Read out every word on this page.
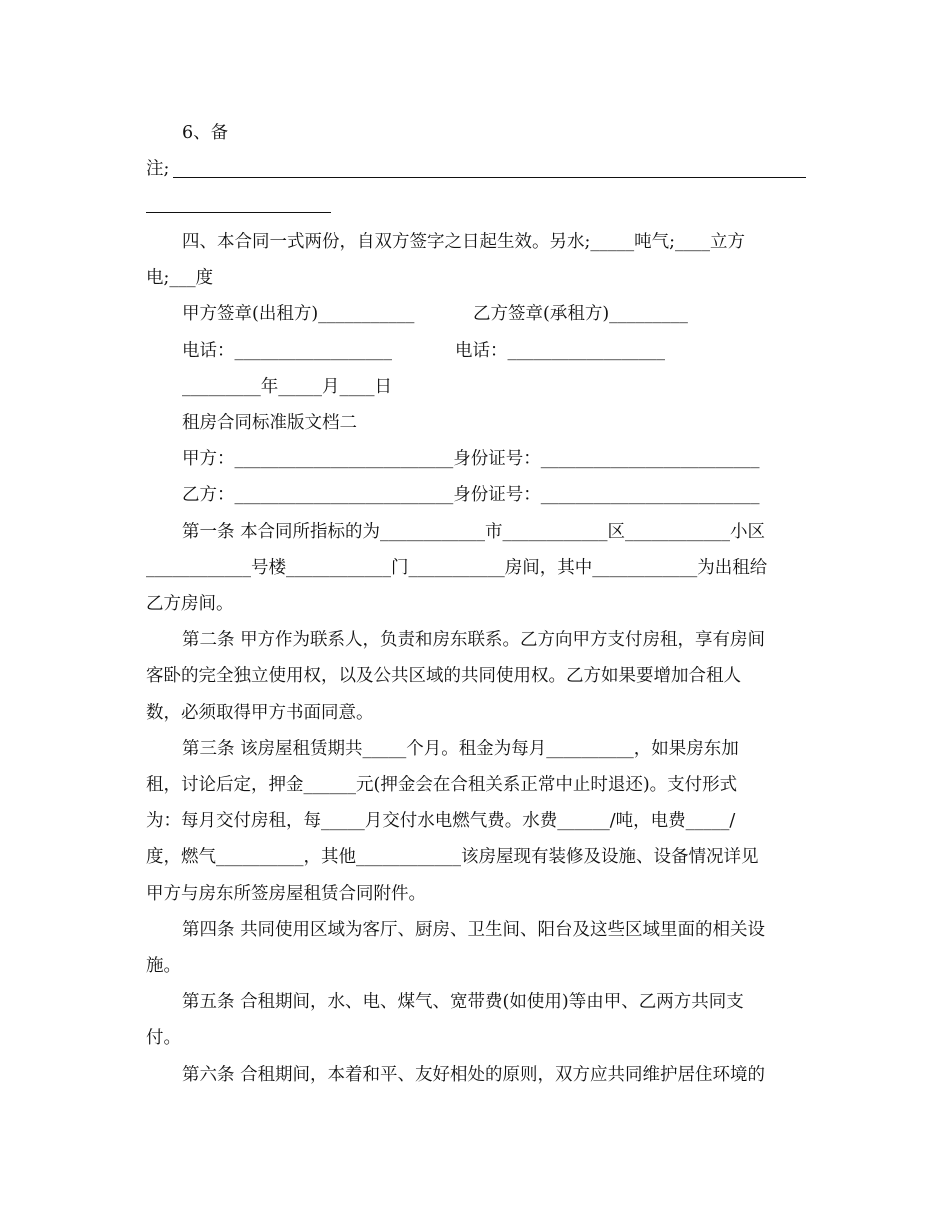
6、备
注;
四、本合同一式两份，自双方签字之日起生效。另水;_____吨气;____立方
电;___度
甲方签章(出租方)___________	乙方签章(承租方)_________
电话：__________________	电话：__________________
_________年_____月____日
租房合同标准版文档二
甲方：_________________________身份证号：_________________________
乙方：_________________________身份证号：_________________________
第一条 本合同所指标的为____________市____________区____________小区
____________号楼____________门___________房间，其中____________为出租给
乙方房间。
第二条 甲方作为联系人，负责和房东联系。乙方向甲方支付房租，享有房间
客卧的完全独立使用权，以及公共区域的共同使用权。乙方如果要增加合租人
数，必须取得甲方书面同意。
第三条 该房屋租赁期共_____个月。租金为每月__________，如果房东加
租，讨论后定，押金______元(押金会在合租关系正常中止时退还)。支付形式
为：每月交付房租，每_____月交付水电燃气费。水费______/吨，电费_____/
度，燃气__________，其他____________该房屋现有装修及设施、设备情况详见
甲方与房东所签房屋租赁合同附件。
第四条 共同使用区域为客厅、厨房、卫生间、阳台及这些区域里面的相关设
施。
第五条 合租期间，水、电、煤气、宽带费(如使用)等由甲、乙两方共同支
付。
第六条 合租期间，本着和平、友好相处的原则，双方应共同维护居住环境的
